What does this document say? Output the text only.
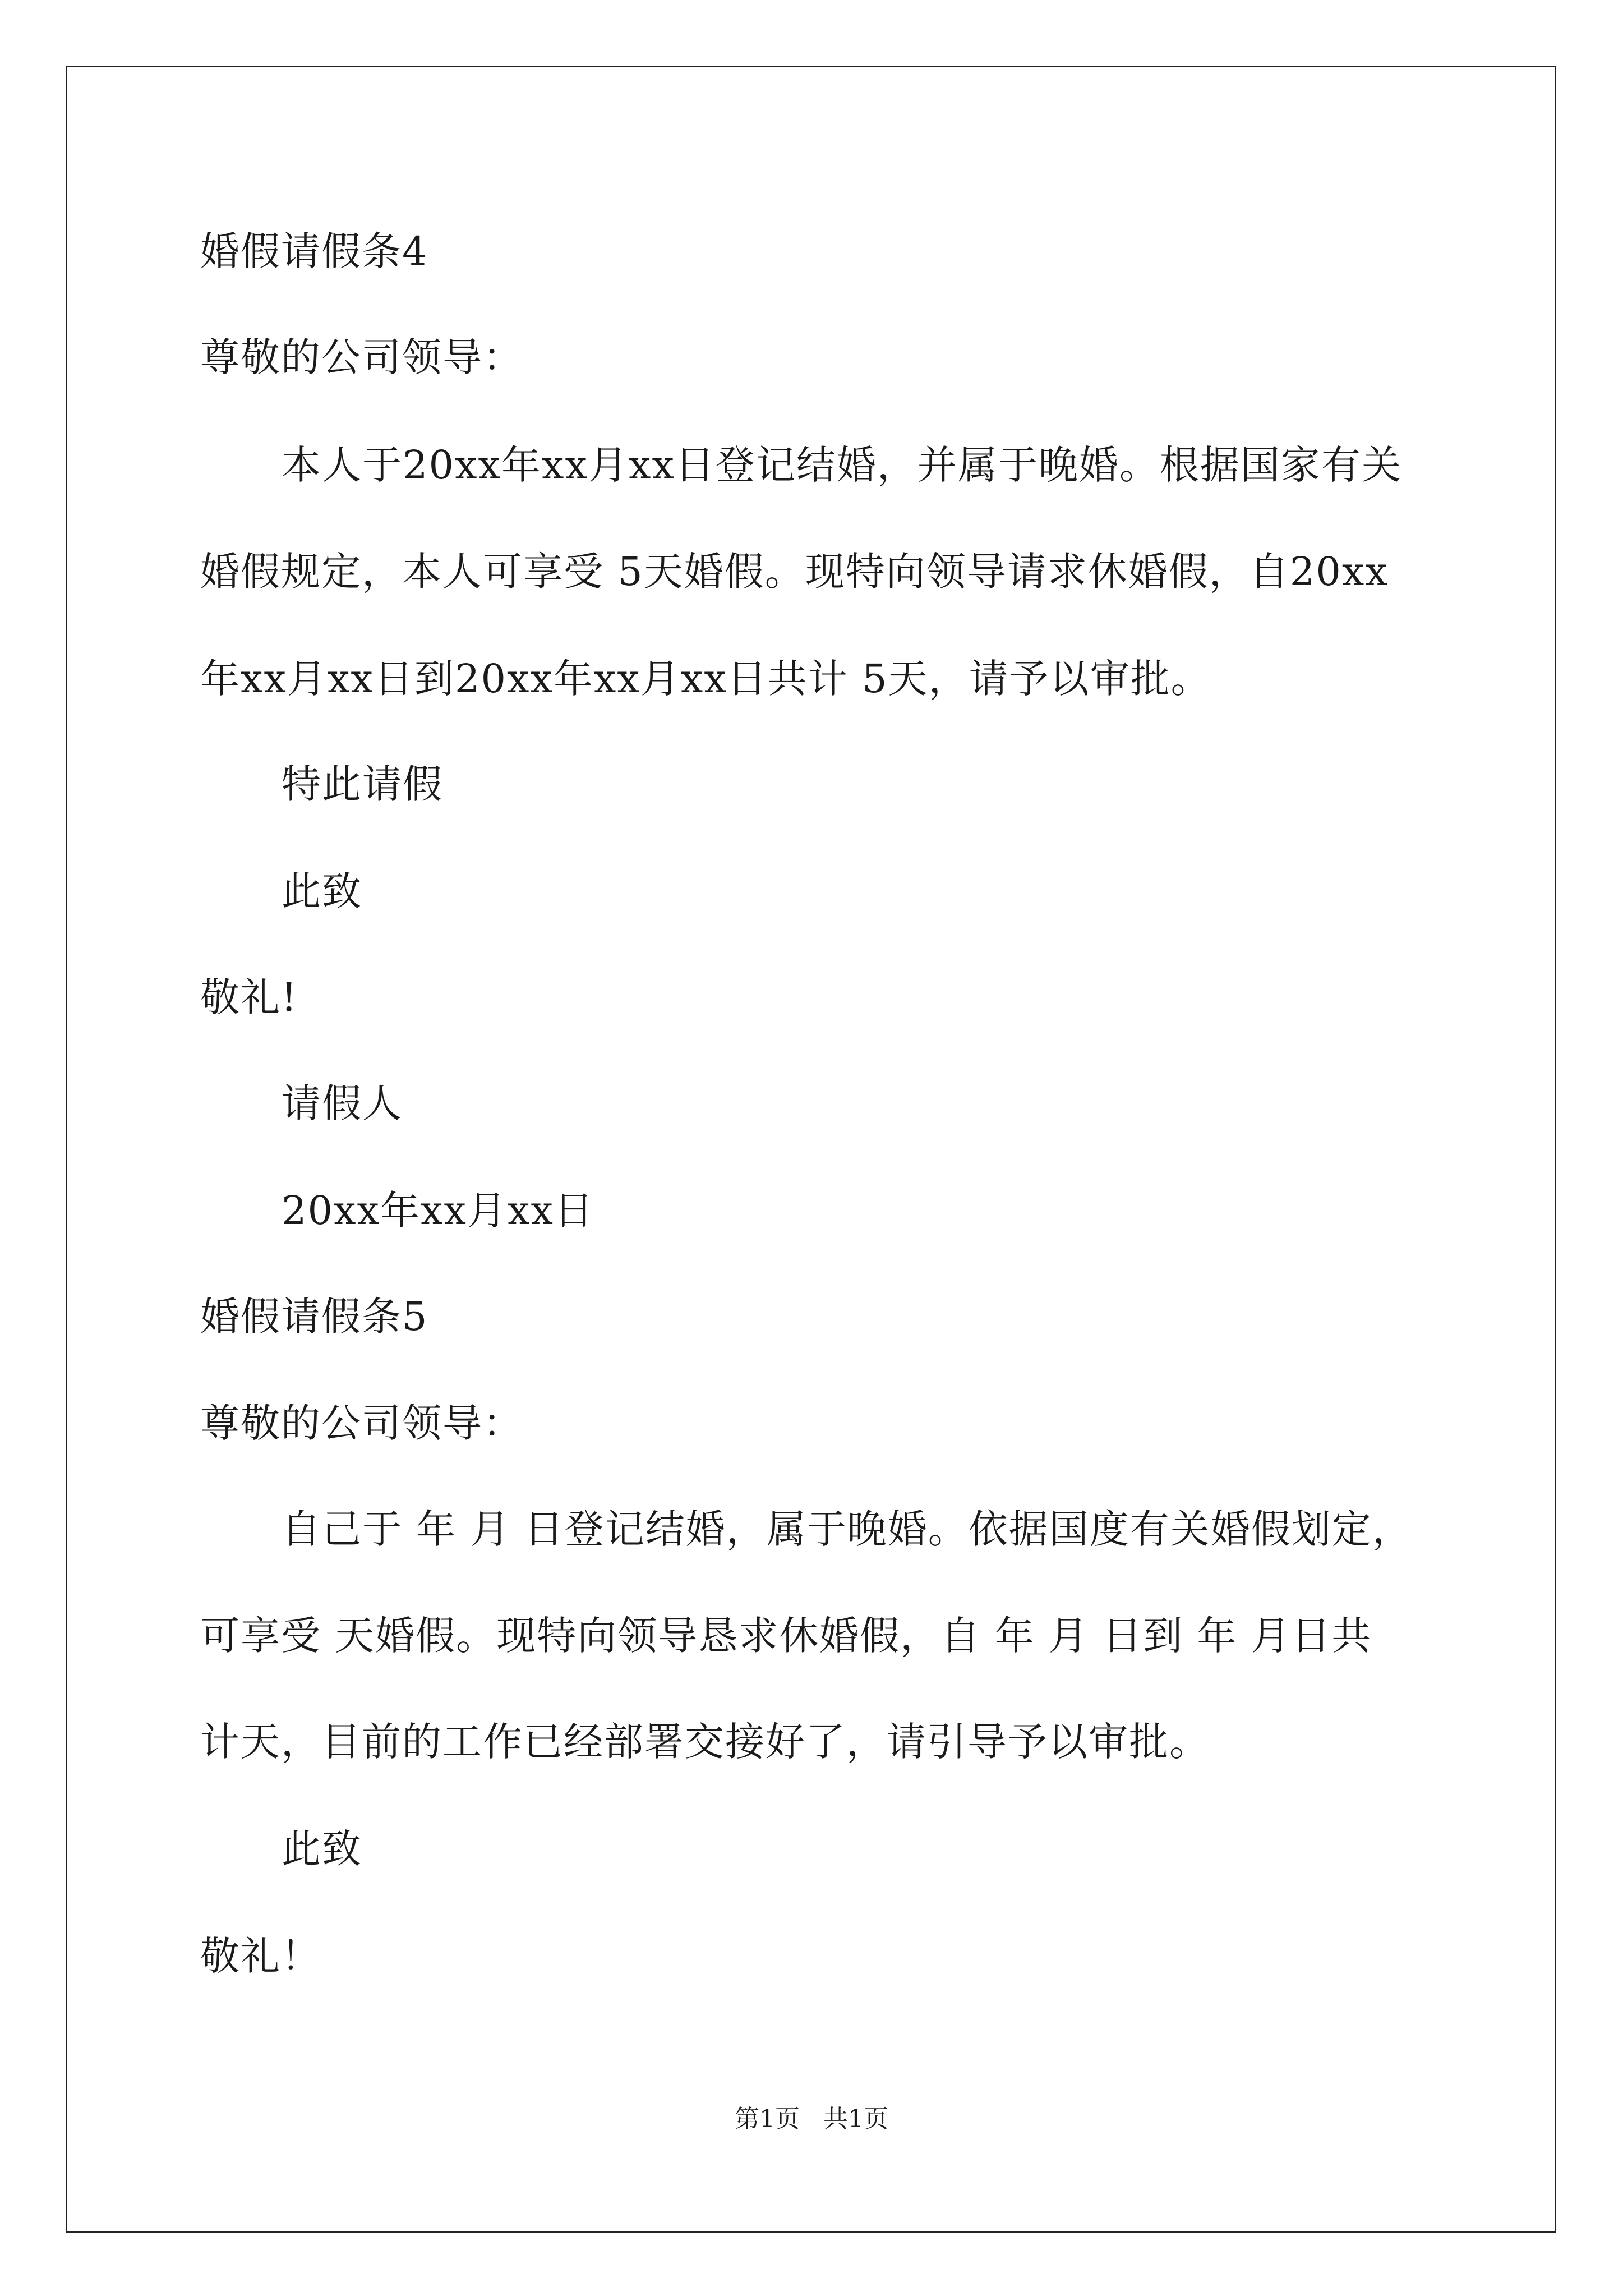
婚假请假条4
尊敬的公司领导：
本人于20xx年xx月xx日登记结婚，并属于晚婚。根据国家有关
婚假规定，本人可享受 5天婚假。现特向领导请求休婚假，自20xx
年xx月xx日到20xx年xx月xx日共计 5天，请予以审批。
特此请假
此致
敬礼!
请假人
20xx年xx月xx日
婚假请假条5
尊敬的公司领导：
自己于 年 月 日登记结婚，属于晚婚。依据国度有关婚假划定，
可享受 天婚假。现特向领导恳求休婚假，自 年 月 日到 年 月日共
计天，目前的工作已经部署交接好了，请引导予以审批。
此致
敬礼！
第1页   共1页
